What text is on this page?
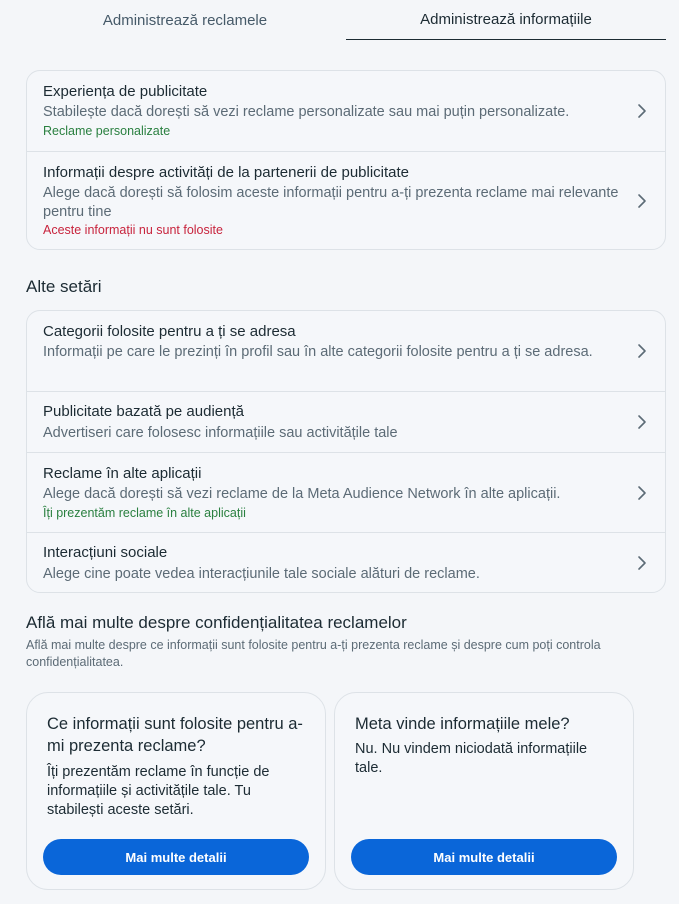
Administrează reclamele	Administrează informațiile
Experiența de publicitate
Stabilește dacă dorești să vezi reclame personalizate sau mai puțin personalizate.
Reclame personalizate
Informații despre activități de la partenerii de publicitate
Alege dacă dorești să folosim aceste informații pentru a-ți prezenta reclame mai relevante pentru tine
Aceste informații nu sunt folosite
Alte setări
Categorii folosite pentru a ți se adresa
Informații pe care le prezinți în profil sau în alte categorii folosite pentru a ți se adresa.
Publicitate bazată pe audiență
Advertiseri care folosesc informațiile sau activitățile tale
Reclame în alte aplicații
Alege dacă dorești să vezi reclame de la Meta Audience Network în alte aplicații.
Îți prezentăm reclame în alte aplicații
Interacțiuni sociale
Alege cine poate vedea interacțiunile tale sociale alături de reclame.
Află mai multe despre confidențialitatea reclamelor
Află mai multe despre ce informații sunt folosite pentru a-ți prezenta reclame și despre cum poți controla confidențialitatea.
Ce informații sunt folosite pentru a-mi prezenta reclame?
Îți prezentăm reclame în funcție de informațiile și activitățile tale. Tu stabilești aceste setări.
Mai multe detalii
Meta vinde informațiile mele?
Nu. Nu vindem niciodată informațiile tale.
Mai multe detalii
